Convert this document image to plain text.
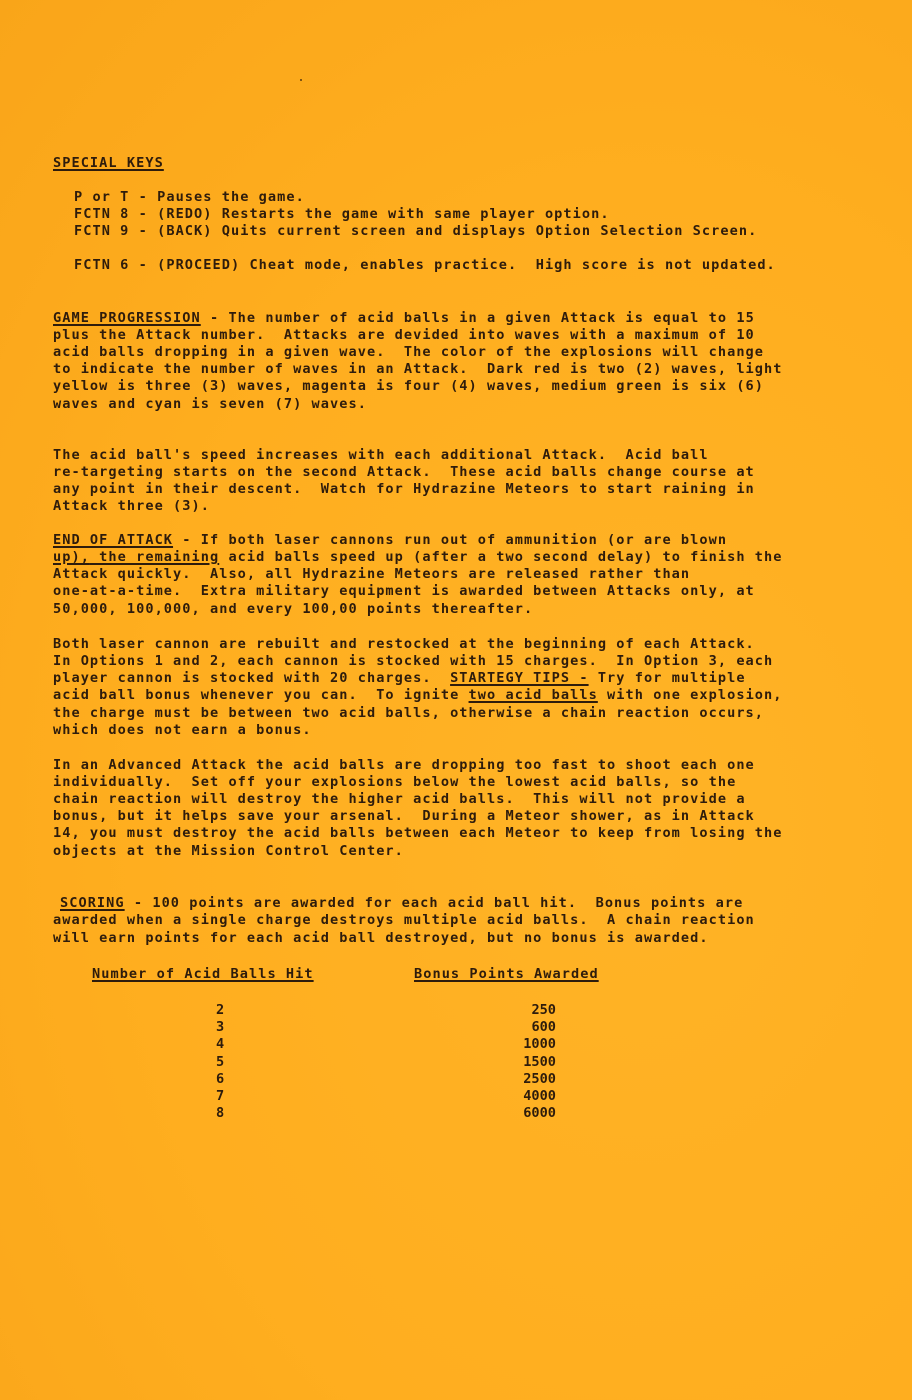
SPECIAL KEYS
P or T - Pauses the game.
FCTN 8 - (REDO) Restarts the game with same player option.
FCTN 9 - (BACK) Quits current screen and displays Option Selection Screen.
FCTN 6 - (PROCEED) Cheat mode, enables practice.  High score is not updated.
GAME PROGRESSION - The number of acid balls in a given Attack is equal to 15
plus the Attack number.  Attacks are devided into waves with a maximum of 10
acid balls dropping in a given wave.  The color of the explosions will change
to indicate the number of waves in an Attack.  Dark red is two (2) waves, light
yellow is three (3) waves, magenta is four (4) waves, medium green is six (6)
waves and cyan is seven (7) waves.
The acid ball's speed increases with each additional Attack.  Acid ball
re-targeting starts on the second Attack.  These acid balls change course at
any point in their descent.  Watch for Hydrazine Meteors to start raining in
Attack three (3).
END OF ATTACK - If both laser cannons run out of ammunition (or are blown
up), the remaining acid balls speed up (after a two second delay) to finish the
Attack quickly.  Also, all Hydrazine Meteors are released rather than
one-at-a-time.  Extra military equipment is awarded between Attacks only, at
50,000, 100,000, and every 100,00 points thereafter.
Both laser cannon are rebuilt and restocked at the beginning of each Attack.
In Options 1 and 2, each cannon is stocked with 15 charges.  In Option 3, each
player cannon is stocked with 20 charges.  STARTEGY TIPS - Try for multiple
acid ball bonus whenever you can.  To ignite two acid balls with one explosion,
the charge must be between two acid balls, otherwise a chain reaction occurs,
which does not earn a bonus.
In an Advanced Attack the acid balls are dropping too fast to shoot each one
individually.  Set off your explosions below the lowest acid balls, so the
chain reaction will destroy the higher acid balls.  This will not provide a
bonus, but it helps save your arsenal.  During a Meteor shower, as in Attack
14, you must destroy the acid balls between each Meteor to keep from losing the
objects at the Mission Control Center.
SCORING - 100 points are awarded for each acid ball hit.  Bonus points are
awarded when a single charge destroys multiple acid balls.  A chain reaction
will earn points for each acid ball destroyed, but no bonus is awarded.
Number of Acid Balls Hit	Bonus Points Awarded
2	250
3	600
4	1000
5	1500
6	2500
7	4000
8	6000
